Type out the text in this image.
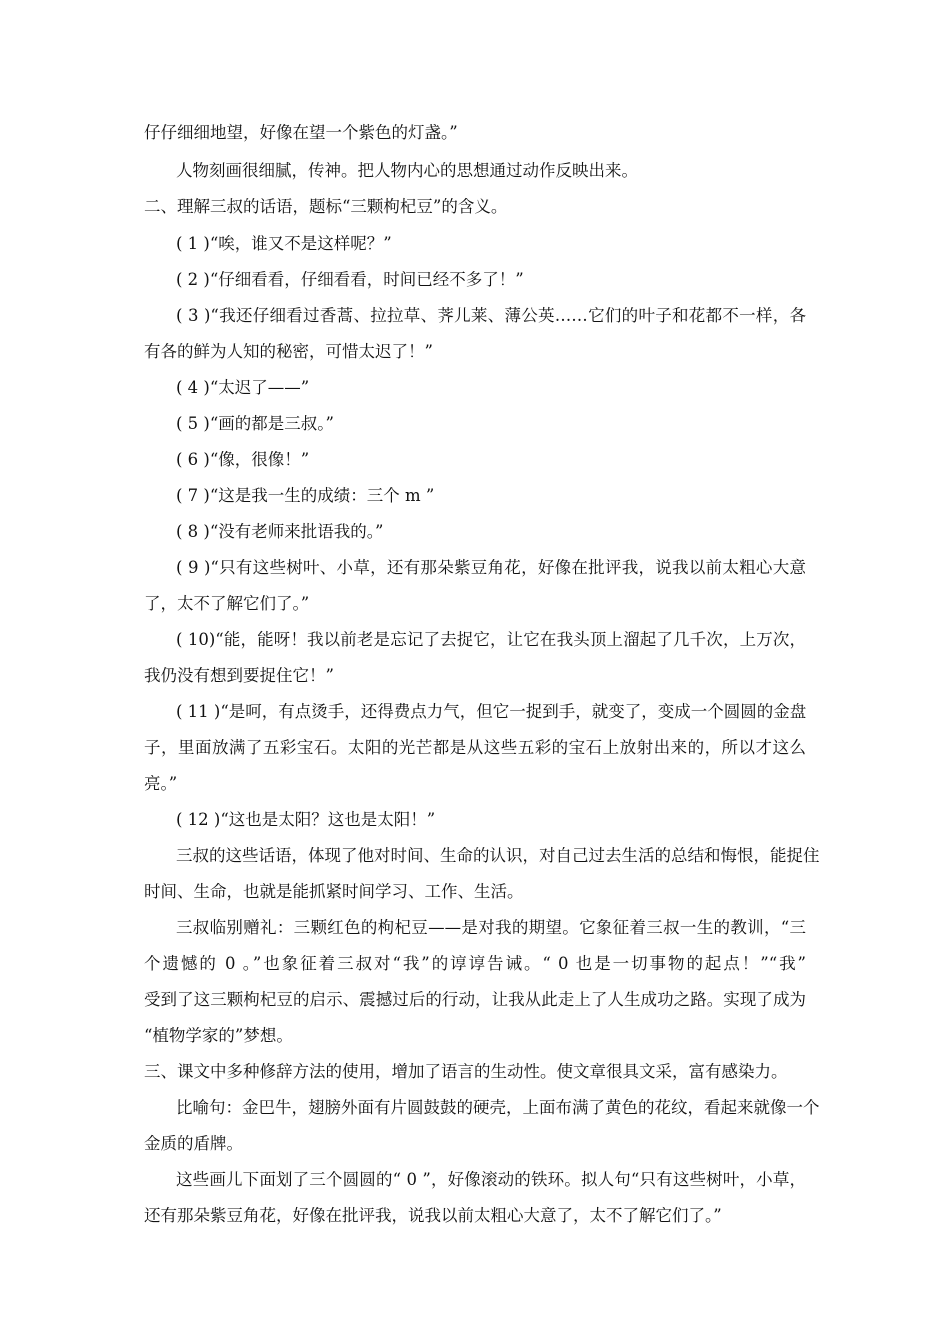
仔仔细细地望，好像在望一个紫色的灯盏。”
人物刻画很细腻，传神。把人物内心的思想通过动作反映出来。
二、理解三叔的话语，题标“三颗枸杞豆”的含义。
( 1 )“唉，谁又不是这样呢？”
( 2 )“仔细看看，仔细看看，时间已经不多了！”
( 3 )“我还仔细看过香蒿、拉拉草、荠儿莱、薄公英……它们的叶子和花都不一样，各
有各的鲜为人知的秘密，可惜太迟了！”
( 4 )“太迟了——”
( 5 )“画的都是三叔。”
( 6 )“像，很像！”
( 7 )“这是我一生的成绩：三个 m ”
( 8 )“没有老师来批语我的。”
( 9 )“只有这些树叶、小草，还有那朵紫豆角花，好像在批评我，说我以前太粗心大意
了，太不了解它们了。”
( 10)“能，能呀！我以前老是忘记了去捉它，让它在我头顶上溜起了几千次，上万次，
我仍没有想到要捉住它！”
( 11 )“是呵，有点烫手，还得费点力气，但它一捉到手，就变了，变成一个圆圆的金盘
子，里面放满了五彩宝石。太阳的光芒都是从这些五彩的宝石上放射出来的，所以才这么
亮。”
( 12 )“这也是太阳？这也是太阳！”
三叔的这些话语，体现了他对时间、生命的认识，对自己过去生活的总结和悔恨，能捉住
时间、生命，也就是能抓紧时间学习、工作、生活。
三叔临别赠礼：三颗红色的枸杞豆——是对我的期望。它象征着三叔一生的教训，“三
个遗憾的 0 。”也象征着三叔对“我”的谆谆告诫。“ 0 也是一切事物的起点！”“我”
受到了这三颗枸杞豆的启示、震撼过后的行动，让我从此走上了人生成功之路。实现了成为
“植物学家的”梦想。
三、课文中多种修辞方法的使用，增加了语言的生动性。使文章很具文采，富有感染力。
比喻句：金巴牛，翅膀外面有片圆鼓鼓的硬壳，上面布满了黄色的花纹，看起来就像一个
金质的盾牌。
这些画儿下面划了三个圆圆的“ 0 ”，好像滚动的铁环。拟人句“只有这些树叶，小草，
还有那朵紫豆角花，好像在批评我，说我以前太粗心大意了，太不了解它们了。”
